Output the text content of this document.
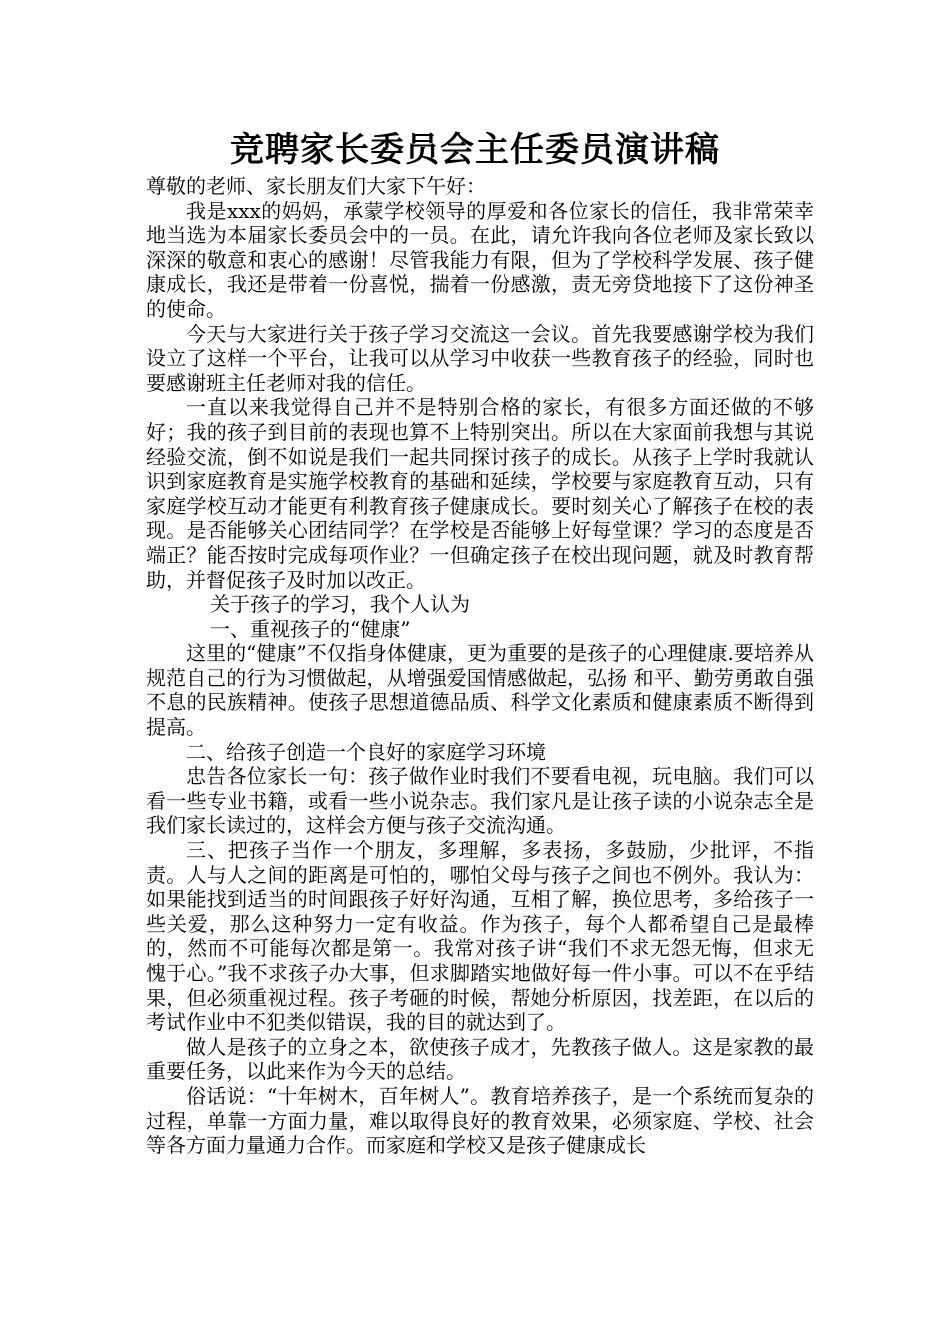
竞聘家长委员会主任委员演讲稿

尊敬的老师、家长朋友们大家下午好：

我是xxx的妈妈，承蒙学校领导的厚爱和各位家长的信任，我非常荣幸地当选为本届家长委员会中的一员。在此，请允许我向各位老师及家长致以深深的敬意和衷心的感谢！尽管我能力有限，但为了学校科学发展、孩子健康成长，我还是带着一份喜悦，揣着一份感激，责无旁贷地接下了这份神圣的使命。

今天与大家进行关于孩子学习交流这一会议。首先我要感谢学校为我们设立了这样一个平台，让我可以从学习中收获一些教育孩子的经验，同时也要感谢班主任老师对我的信任。

一直以来我觉得自己并不是特别合格的家长，有很多方面还做的不够好；我的孩子到目前的表现也算不上特别突出。所以在大家面前我想与其说经验交流，倒不如说是我们一起共同探讨孩子的成长。从孩子上学时我就认识到家庭教育是实施学校教育的基础和延续，学校要与家庭教育互动，只有家庭学校互动才能更有利教育孩子健康成长。要时刻关心了解孩子在校的表现。是否能够关心团结同学？在学校是否能够上好每堂课？学习的态度是否端正？能否按时完成每项作业？一但确定孩子在校出现问题，就及时教育帮助，并督促孩子及时加以改正。

关于孩子的学习，我个人认为

一、重视孩子的“健康”

这里的“健康”不仅指身体健康，更为重要的是孩子的心理健康.要培养从规范自己的行为习惯做起，从增强爱国情感做起，弘扬 和平、勤劳勇敢自强不息的民族精神。使孩子思想道德品质、科学文化素质和健康素质不断得到提高。

二、给孩子创造一个良好的家庭学习环境

忠告各位家长一句：孩子做作业时我们不要看电视，玩电脑。我们可以看一些专业书籍，或看一些小说杂志。我们家凡是让孩子读的小说杂志全是我们家长读过的，这样会方便与孩子交流沟通。

三、把孩子当作一个朋友，多理解，多表扬，多鼓励，少批评，不指责。人与人之间的距离是可怕的，哪怕父母与孩子之间也不例外。我认为：如果能找到适当的时间跟孩子好好沟通，互相了解，换位思考，多给孩子一些关爱，那么这种努力一定有收益。作为孩子，每个人都希望自己是最棒的，然而不可能每次都是第一。我常对孩子讲“我们不求无怨无悔，但求无愧于心。”我不求孩子办大事，但求脚踏实地做好每一件小事。可以不在乎结果，但必须重视过程。孩子考砸的时候，帮她分析原因，找差距，在以后的考试作业中不犯类似错误，我的目的就达到了。

做人是孩子的立身之本，欲使孩子成才，先教孩子做人。这是家教的最重要任务，以此来作为今天的总结。

俗话说：“十年树木，百年树人”。教育培养孩子，是一个系统而复杂的过程，单靠一方面力量，难以取得良好的教育效果，必须家庭、学校、社会等各方面力量通力合作。而家庭和学校又是孩子健康成长
